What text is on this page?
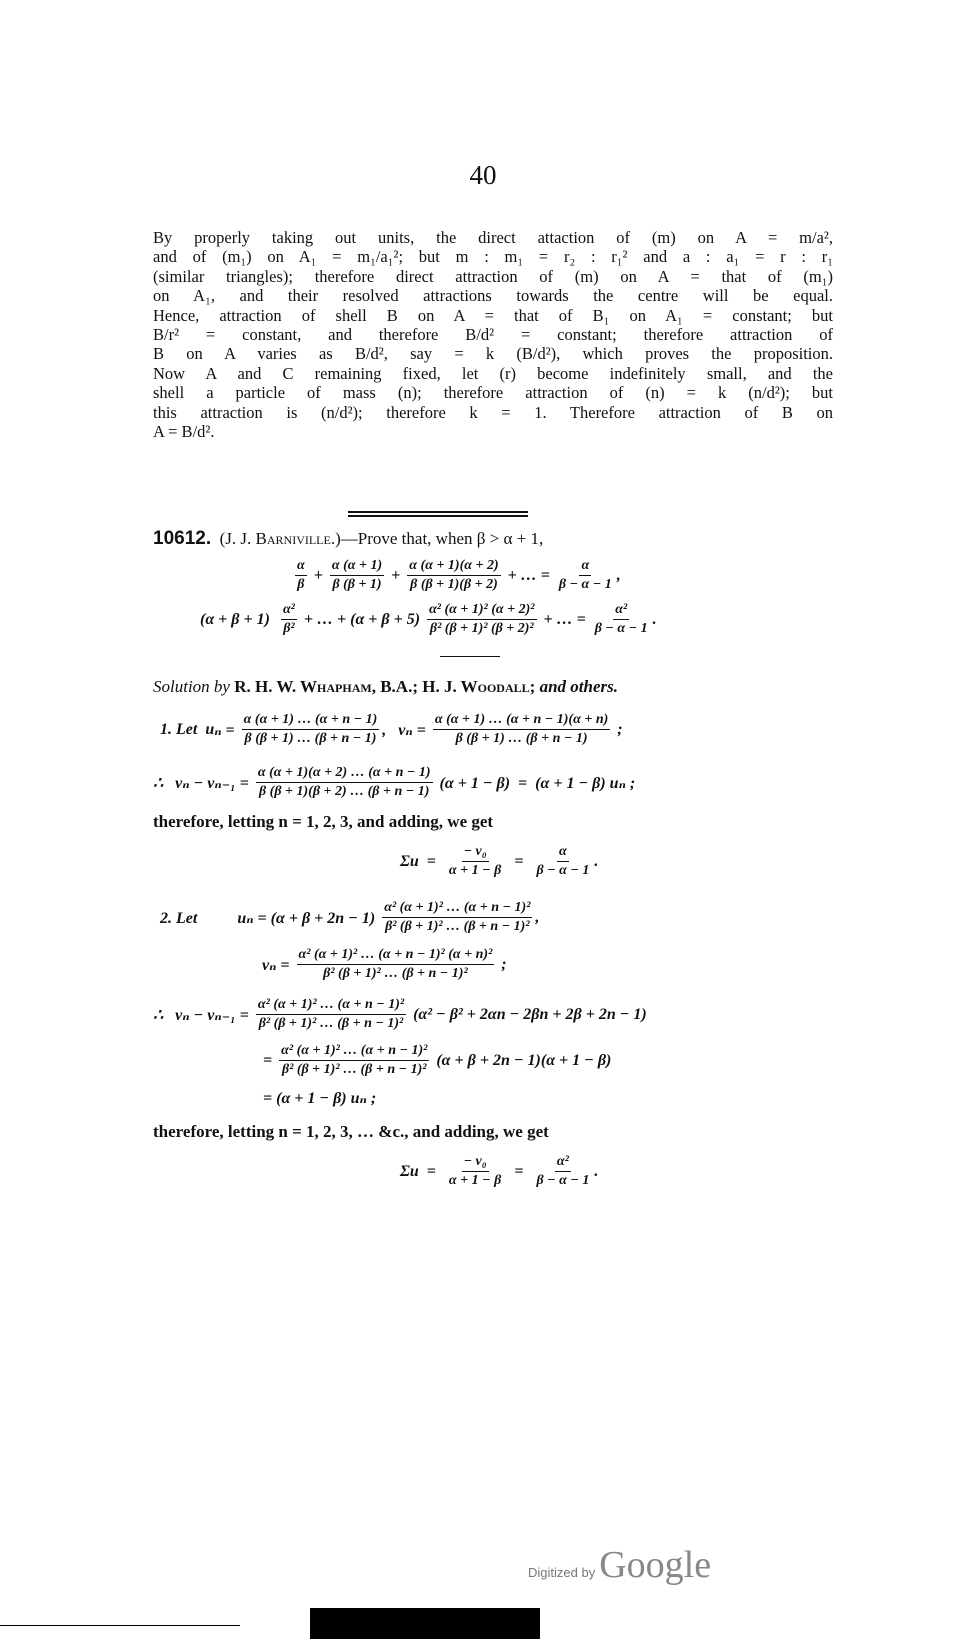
40
By properly taking out units, the direct attaction of (m) on A = m/a²,
and of (m₁) on A₁ = m₁/a₁²; but m : m₁ = r₂ : r₁² and a : a₁ = r : r₁
(similar triangles); therefore direct attraction of (m) on A = that of (m₁)
on A₁, and their resolved attractions towards the centre will be equal.
Hence, attraction of shell B on A = that of B₁ on A₁ = constant; but
B/r² = constant, and therefore B/d² = constant; therefore attraction of
B on A varies as B/d², say = k (B/d²), which proves the proposition.
Now A and C remaining fixed, let (r) become indefinitely small, and the
shell a particle of mass (n); therefore attraction of (n) = k (n/d²); but
this attraction is (n/d²); therefore k = 1. Therefore attraction of B on
A = B/d².
10612. (J. J. Barniville.)—Prove that, when β > α + 1,
$\frac{\alpha}{\beta} + \frac{\alpha (\alpha + 1)}{\beta (\beta + 1)} + \frac{\alpha (\alpha + 1)(\alpha + 2)}{\beta (\beta + 1)(\beta + 2)}$ + … = $\frac{\alpha}{\beta - \alpha - 1}$ ,
$(\alpha + \beta + 1) \frac{\text{α²}}{\text{β²}}$ + … + $(\alpha + \beta + 5) \frac{\text{α² (α + 1)² (α + 2)²}}{\text{β² (β + 1)² (β + 2)²}}$ + … = $\frac{\text{α²}}{\beta - \alpha - 1}$ .
Solution by R. H. W. Whapham, B.A.; H. J. Woodall; and others.
1. Let  u $_n = \frac{\alpha (\alpha + 1) \dots (\alpha + n - 1)}{\beta (\beta + 1) \dots (\beta + n - 1)}$ ,   $v_n = \frac{\alpha (\alpha + 1) \dots (\alpha + n - 1)(\alpha + n)}{\beta (\beta + 1) \dots (\beta + n - 1)}$ ;
∴   $v_n - v_{n-1} = \frac{\alpha (\alpha + 1)(\alpha + 2) \dots (\alpha + n - 1)}{\beta (\beta + 1)(\beta + 2) \dots (\beta + n - 1)} (\alpha + 1 - \beta) = (\alpha + 1 - \beta)$ uₙ ;
therefore, letting n = 1, 2, 3, and adding, we get
$\Sigma u = \frac{\text{− v₀}}{\alpha + 1 - \beta} = \frac{\alpha}{\beta - \alpha - 1}$ .
2. Let          $u_n = (\alpha + \beta + 2n - 1) \frac{\text{α² (α + 1)² … (α + n − 1)²}}{\text{β² (β + 1)² … (β + n − 1)²}}$ ,
$v_n = \frac{\text{α² (α + 1)² … (α + n − 1)² (α + n)²}}{\text{β² (β + 1)² … (β + n − 1)²}}$ ;
∴   $v_n - v_{n-1} = \frac{\text{α² (α + 1)² … (α + n − 1)²}}{\text{β² (β + 1)² … (β + n − 1)²}} (\alpha^2 - \beta^2 + 2\alpha n - 2\beta n + 2\beta + 2n - 1)$
= $\frac{\text{α² (α + 1)² … (α + n − 1)²}}{\text{β² (β + 1)² … (β + n − 1)²}} (\alpha + \beta + 2n - 1)(\alpha + 1 - \beta)$
= (α + 1 − β) uₙ ;
therefore, letting n = 1, 2, 3, … &c., and adding, we get
$\Sigma u = \frac{\text{− v₀}}{\alpha + 1 - \beta} = \frac{\text{α²}}{\beta - \alpha - 1}$ .
Digitized by Google
